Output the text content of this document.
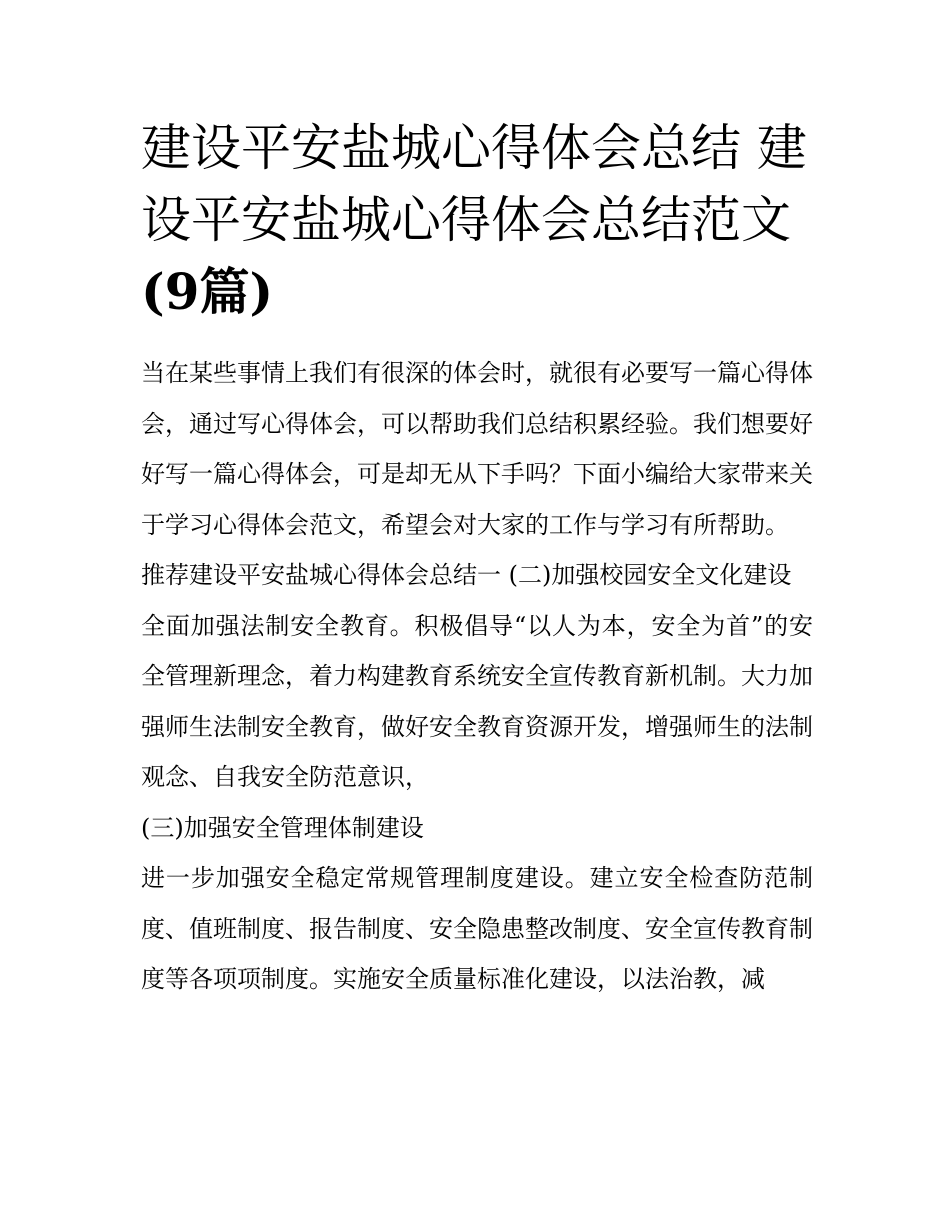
建设平安盐城心得体会总结 建设平安盐城心得体会总结范文(9篇)

当在某些事情上我们有很深的体会时，就很有必要写一篇心得体会，通过写心得体会，可以帮助我们总结积累经验。我们想要好好写一篇心得体会，可是却无从下手吗？下面小编给大家带来关于学习心得体会范文，希望会对大家的工作与学习有所帮助。

推荐建设平安盐城心得体会总结一 (二)加强校园安全文化建设

全面加强法制安全教育。积极倡导“以人为本，安全为首”的安全管理新理念，着力构建教育系统安全宣传教育新机制。大力加强师生法制安全教育，做好安全教育资源开发，增强师生的法制观念、自我安全防范意识，

(三)加强安全管理体制建设

进一步加强安全稳定常规管理制度建设。建立安全检查防范制度、值班制度、报告制度、安全隐患整改制度、安全宣传教育制度等各项项制度。实施安全质量标准化建设，以法治教，减
